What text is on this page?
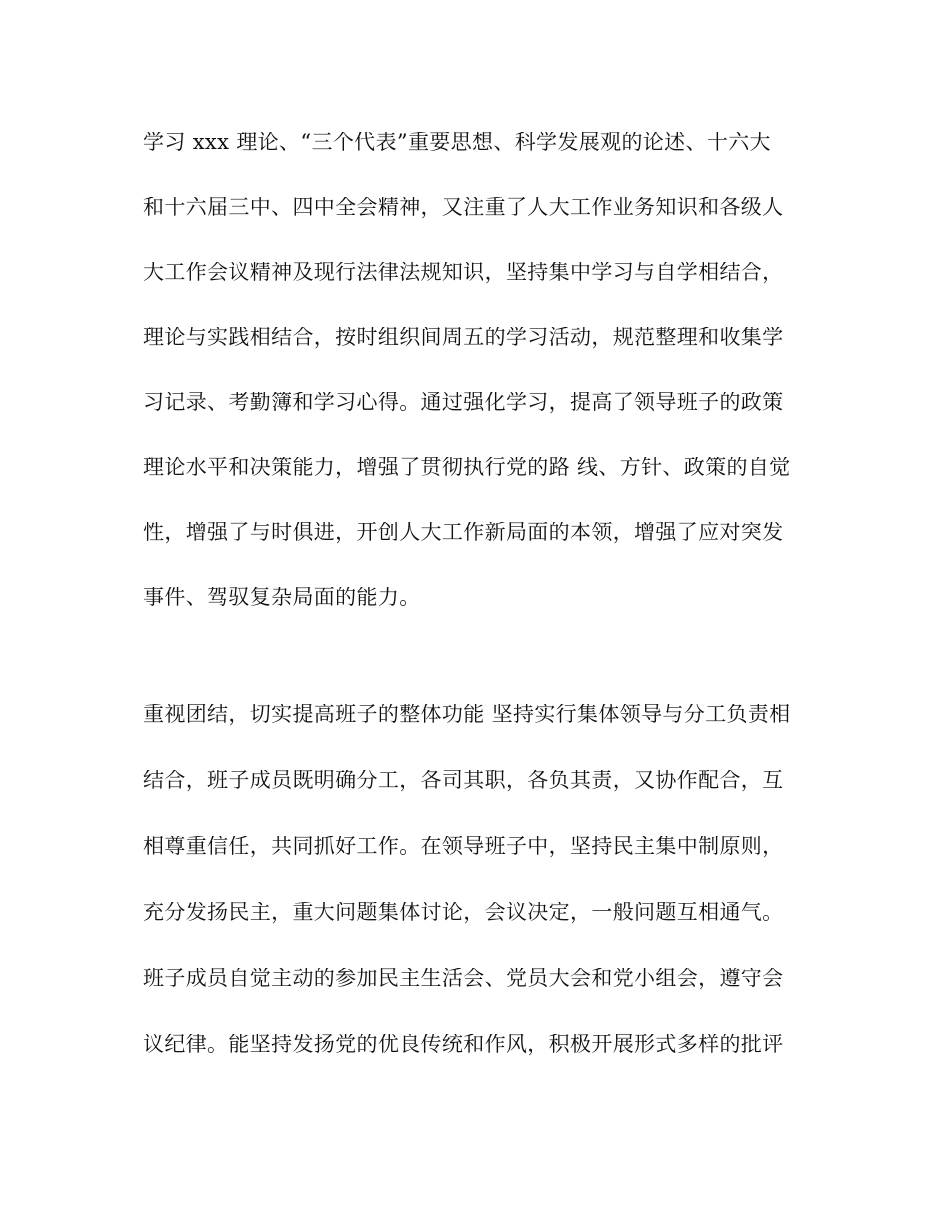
学习 xxx 理论、“三个代表”重要思想、科学发展观的论述、十六大
和十六届三中、四中全会精神，又注重了人大工作业务知识和各级人
大工作会议精神及现行法律法规知识，坚持集中学习与自学相结合，
理论与实践相结合，按时组织间周五的学习活动，规范整理和收集学
习记录、考勤簿和学习心得。通过强化学习，提高了领导班子的政策
理论水平和决策能力，增强了贯彻执行党的路 线、方针、政策的自觉
性，增强了与时俱进，开创人大工作新局面的本领，增强了应对突发
事件、驾驭复杂局面的能力。
重视团结，切实提高班子的整体功能 坚持实行集体领导与分工负责相
结合，班子成员既明确分工，各司其职，各负其责，又协作配合，互
相尊重信任，共同抓好工作。在领导班子中，坚持民主集中制原则，
充分发扬民主，重大问题集体讨论，会议决定，一般问题互相通气。
班子成员自觉主动的参加民主生活会、党员大会和党小组会，遵守会
议纪律。能坚持发扬党的优良传统和作风，积极开展形式多样的批评
